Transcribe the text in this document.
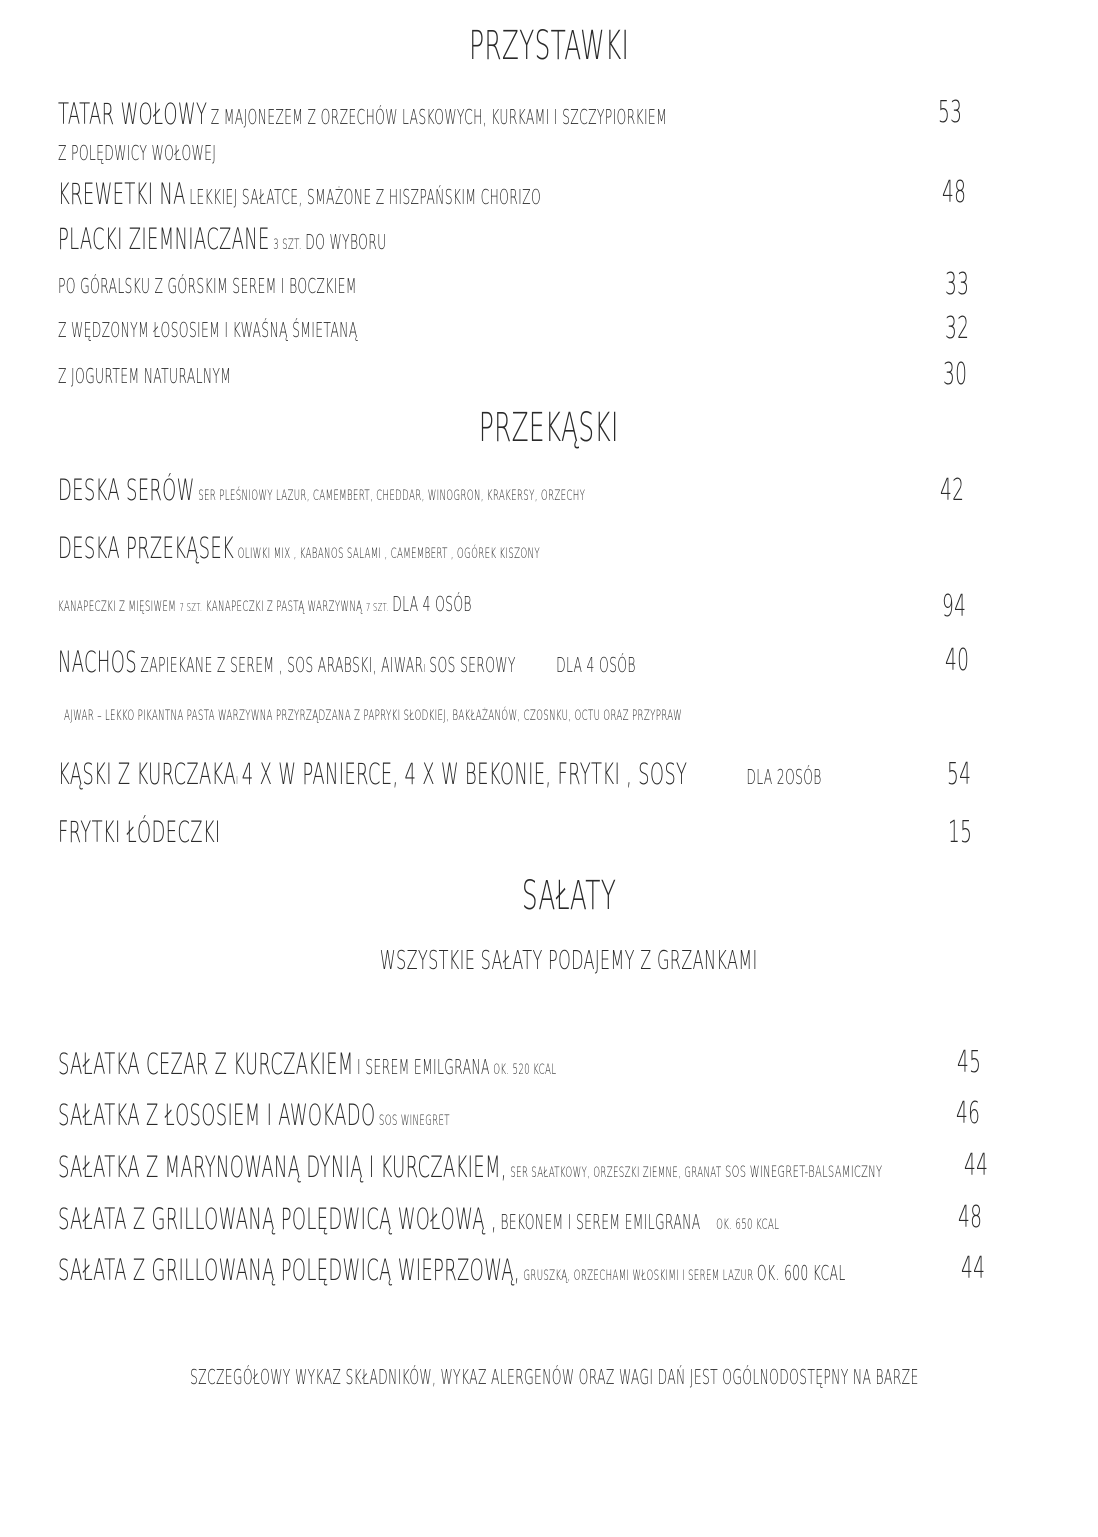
PRZYSTAWKI
TATAR WOŁOWY Z MAJONEZEM Z ORZECHÓW LASKOWYCH, KURKAMI I SZCZYPIORKIEM	53
Z POLĘDWICY WOŁOWEJ
KREWETKI NA LEKKIEJ SAŁATCE, SMAŻONE Z HISZPAŃSKIM CHORIZO	48
PLACKI ZIEMNIACZANE 3 SZT. DO WYBORU
PO GÓRALSKU Z GÓRSKIM SEREM I BOCZKIEM	33
Z WĘDZONYM ŁOSOSIEM I KWAŚNĄ ŚMIETANĄ	32
Z JOGURTEM NATURALNYM	30
PRZEKĄSKI
DESKA SERÓW SER PLEŚNIOWY LAZUR, CAMEMBERT, CHEDDAR, WINOGRON, KRAKERSY, ORZECHY	42
DESKA PRZEKĄSEK OLIWKI MIX , KABANOS SALAMI , CAMEMBERT , OGÓREK KISZONY
KANAPECZKI Z MIĘSIWEM 7 SZT. KANAPECZKI Z PASTĄ WARZYWNĄ 7 SZT. DLA 4 OSÓB	94
NACHOS ZAPIEKANE Z SEREM , SOS ARABSKI, AIWARI SOS SEROWY DLA 4 OSÓB	40
AJWAR – LEKKO PIKANTNA PASTA WARZYWNA PRZYRZĄDZANA Z PAPRYKI SŁODKIEJ, BAKŁAŻANÓW, CZOSNKU, OCTU ORAZ PRZYPRAW
KĄSKI Z KURCZAKAI 4 X W PANIERCE, 4 X W BEKONIE, FRYTKI , SOSY	DLA 2OSÓB	54
FRYTKI ŁÓDECZKI	15
SAŁATY
WSZYSTKIE SAŁATY PODAJEMY Z GRZANKAMI
SAŁATKA CEZAR Z KURCZAKIEM I SEREM EMILGRANA OK. 520 KCAL	45
SAŁATKA Z ŁOSOSIEM I AWOKADO SOS WINEGRET	46
SAŁATKA Z MARYNOWANĄ DYNIĄ I KURCZAKIEM, SER SAŁATKOWY, ORZESZKI ZIEMNE, GRANAT SOS WINEGRET-BALSAMICZNY	44
SAŁATA Z GRILLOWANĄ POLĘDWICĄ WOŁOWĄ , BEKONEM I SEREM EMILGRANA OK. 650 KCAL	48
SAŁATA Z GRILLOWANĄ POLĘDWICĄ WIEPRZOWĄ, GRUSZKĄ, ORZECHAMI WŁOSKIMI I SEREM LAZUR OK. 600 KCAL	44
SZCZEGÓŁOWY WYKAZ SKŁADNIKÓW, WYKAZ ALERGENÓW ORAZ WAGI DAŃ JEST OGÓLNODOSTĘPNY NA BARZE
